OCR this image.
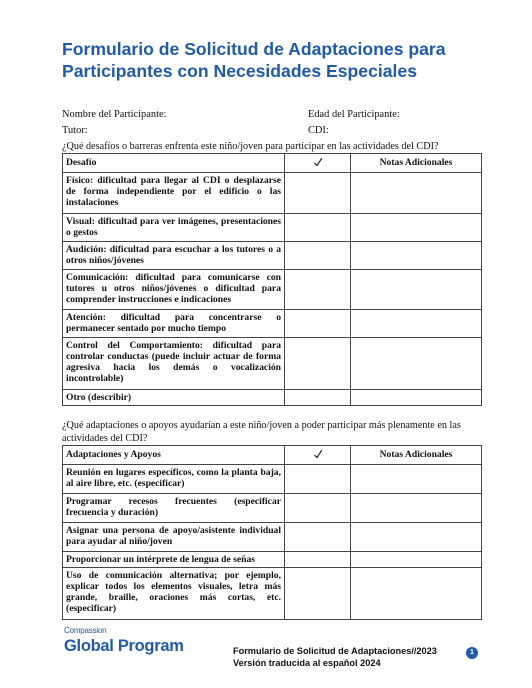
Formulario de Solicitud de Adaptaciones para
Participantes con Necesidades Especiales
Nombre del Participante:	Edad del Participante:
Tutor:	CDI:
¿Qué desafíos o barreras enfrenta este niño/joven para participar en las actividades del CDI?
Desafío		Notas Adicionales
Físico: dificultad para llegar al CDI o desplazarse de forma independiente por el edificio o las instalaciones		
Visual: dificultad para ver imágenes, presentaciones o gestos		
Audición: dificultad para escuchar a los tutores o a otros niños/jóvenes		
Comunicación: dificultad para comunicarse con tutores u otros niños/jóvenes o dificultad para comprender instrucciones e indicaciones		
Atención: dificultad para concentrarse o permanecer sentado por mucho tiempo		
Control del Comportamiento: dificultad para controlar conductas (puede incluir actuar de forma agresiva hacia los demás o vocalización incontrolable)		
Otro (describir)		
¿Qué adaptaciones o apoyos ayudarían a este niño/joven a poder participar más plenamente en las actividades del CDI?
Adaptaciones y Apoyos		Notas Adicionales
Reunión en lugares específicos, como la planta baja, al aire libre, etc. (especificar)		
Programar recesos frecuentes (especificar frecuencia y duración)		
Asignar una persona de apoyo/asistente individual para ayudar al niño/joven		
Proporcionar un intérprete de lengua de señas		
Uso de comunicación alternativa; por ejemplo, explicar todos los elementos visuales, letra más grande, braille, oraciones más cortas, etc. (especificar)		
Compassion
Global Program	Formulario de Solicitud de Adaptaciones//2023
Versión traducida al español 2024
1
